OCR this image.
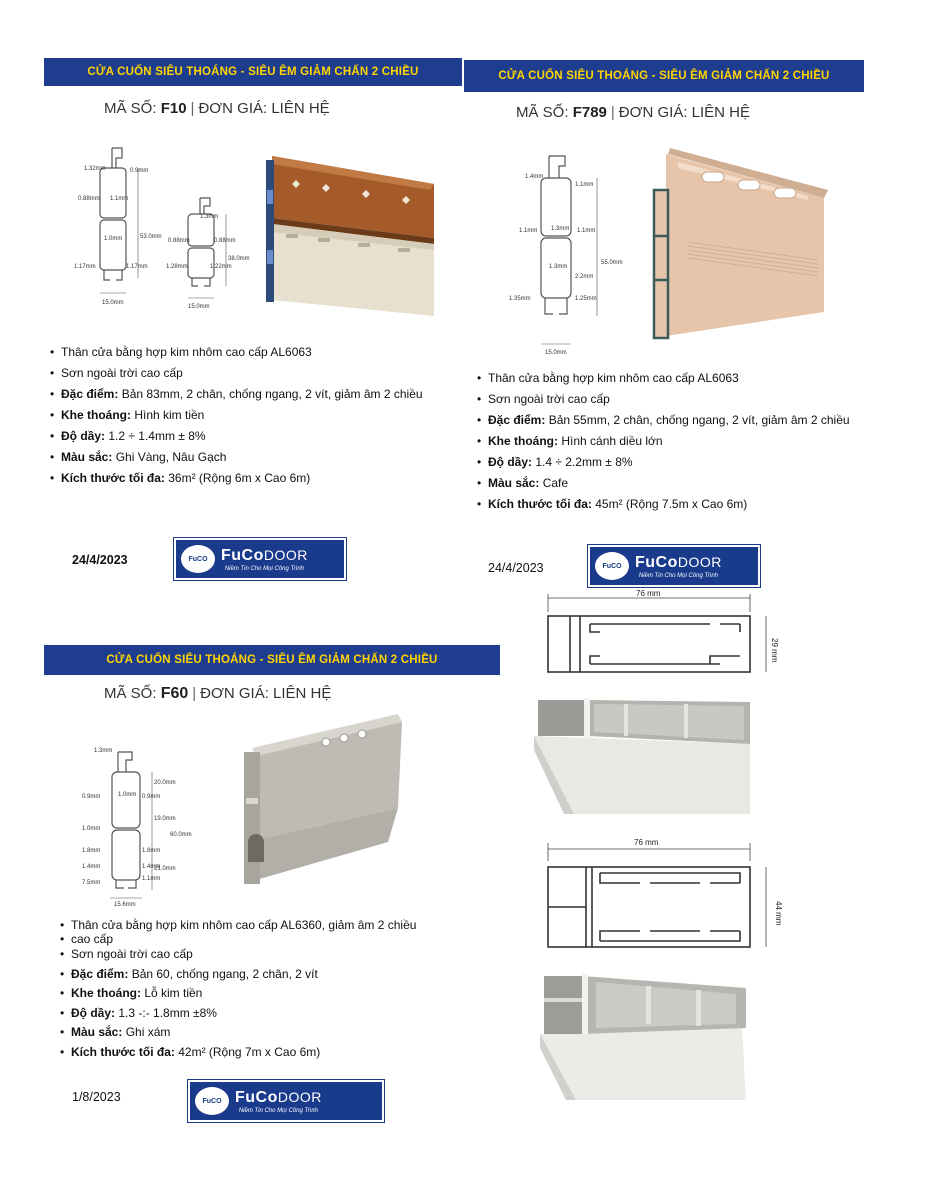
CỬA CUỐN SIÊU THOÁNG - SIÊU ÊM GIẢM CHẤN 2 CHIỀU
MÃ SỐ: F10 | ĐƠN GIÁ: LIÊN HỆ
1.32mm	0.9mm
0.88mm 1.1mm
1.0mm	53.0mm
1.17mm	1.17mm
15.0mm
1.3mm
0.88mm	0.88mm
38.0mm
1.28mm	1.22mm
15.0mm
• Thân cửa bằng hợp kim nhôm cao cấp AL6063
• Sơn ngoài trời cao cấp
• Đặc điểm: Bản 83mm, 2 chân, chống ngang, 2 vít, giảm âm 2 chiều
• Khe thoáng: Hình kim tiền
• Độ dầy: 1.2 ÷ 1.4mm ± 8%
• Màu sắc: Ghi Vàng, Nâu Gạch
• Kích thước tối đa: 36m² (Rộng 6m x Cao 6m)
24/4/2023	FuCO FuCoDOOR
Niềm Tin Cho Mọi Công Trình
CỬA CUỐN SIÊU THOÁNG - SIÊU ÊM GIẢM CHẤN 2 CHIỀU
MÃ SỐ: F789 | ĐƠN GIÁ: LIÊN HỆ
1.4mm
1.1mm
1.1mm 1.3mm 1.1mm
1.3mm
2.2mm
55.0mm
1.35mm	1.25mm
15.0mm
• Thân cửa bằng hợp kim nhôm cao cấp AL6063
• Sơn ngoài trời cao cấp
• Đặc điểm: Bản 55mm, 2 chân, chống ngang, 2 vít, giảm âm 2 chiều
• Khe thoáng: Hình cánh diều lớn
• Độ dầy: 1.4 ÷ 2.2mm ± 8%
• Màu sắc: Cafe
• Kích thước tối đa: 45m² (Rộng 7.5m x Cao 6m)
24/4/2023	FuCO FuCoDOOR
Niềm Tin Cho Mọi Công Trình
76 mm
29 mm
76 mm
44 mm
CỬA CUỐN SIÊU THOÁNG - SIÊU ÊM GIẢM CHẤN 2 CHIỀU
MÃ SỐ: F60 | ĐƠN GIÁ: LIÊN HỆ
1.3mm
20.0mm
0.9mm	1.0mm 0.9mm
19.0mm
60.0mm
1.0mm
1.8mm	1.8mm
1.4mm	1.4mm
21.0mm
7.5mm
1.1mm
15.6mm
• Thân cửa bằng hợp kim nhôm cao cấp AL6360, giảm âm 2 chiều
• cao cấp
• Sơn ngoài trời cao cấp
• Đặc điểm: Bản 60, chống ngang, 2 chân, 2 vít
• Khe thoáng: Lỗ kim tiền
• Độ dầy: 1.3 -:- 1.8mm ±8%
• Màu sắc: Ghi xám
• Kích thước tối đa: 42m² (Rộng 7m x Cao 6m)
1/8/2023	FuCO FuCoDOOR
Niềm Tin Cho Mọi Công Trình
